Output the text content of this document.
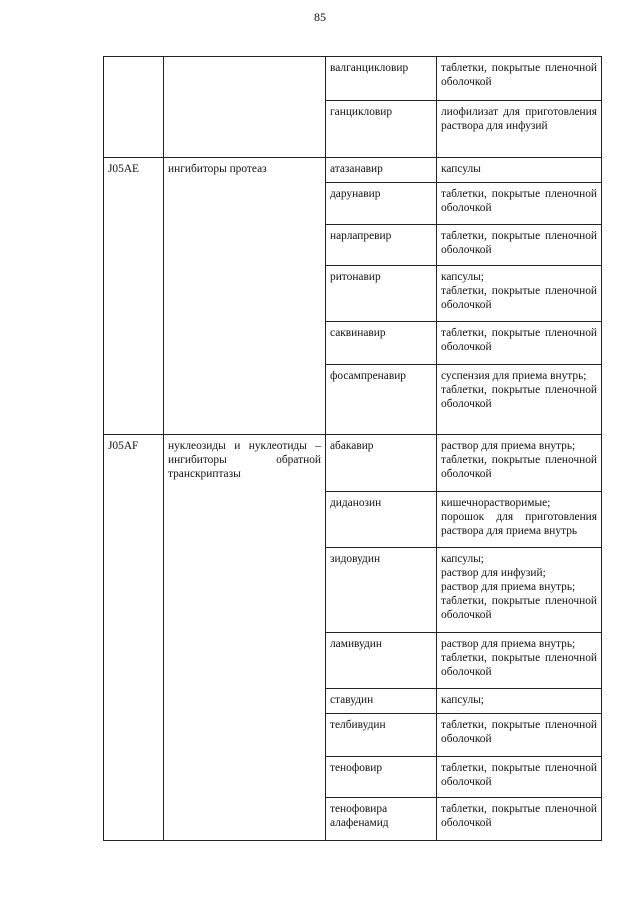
85
		валганцикловир	таблетки, покрытые пленочной оболочкой

		ганцикловир	лиофилизат для приготовления раствора для инфузий

J05AE	ингибиторы протеаз	атазанавир	капсулы

		дарунавир	таблетки, покрытые пленочной оболочкой

		нарлапревир	таблетки, покрытые пленочной оболочкой

		ритонавир	капсулы;
таблетки, покрытые пленочной оболочкой

		саквинавир	таблетки, покрытые пленочной оболочкой

		фосампренавир	суспензия для приема внутрь;
таблетки, покрытые пленочной оболочкой

J05AF	нуклеозиды и нуклеотиды – ингибиторы обратной транскриптазы	абакавир	раствор для приема внутрь;
таблетки, покрытые пленочной оболочкой

		диданозин	кишечнорастворимые;
порошок для приготовления раствора для приема внутрь

		зидовудин	капсулы;
раствор для инфузий;
раствор для приема внутрь;
таблетки, покрытые пленочной оболочкой

		ламивудин	раствор для приема внутрь;
таблетки, покрытые пленочной оболочкой

		ставудин	капсулы;

		телбивудин	таблетки, покрытые пленочной оболочкой

		тенофовир	таблетки, покрытые пленочной оболочкой

		тенофовира алафенамид	таблетки, покрытые пленочной оболочкой
